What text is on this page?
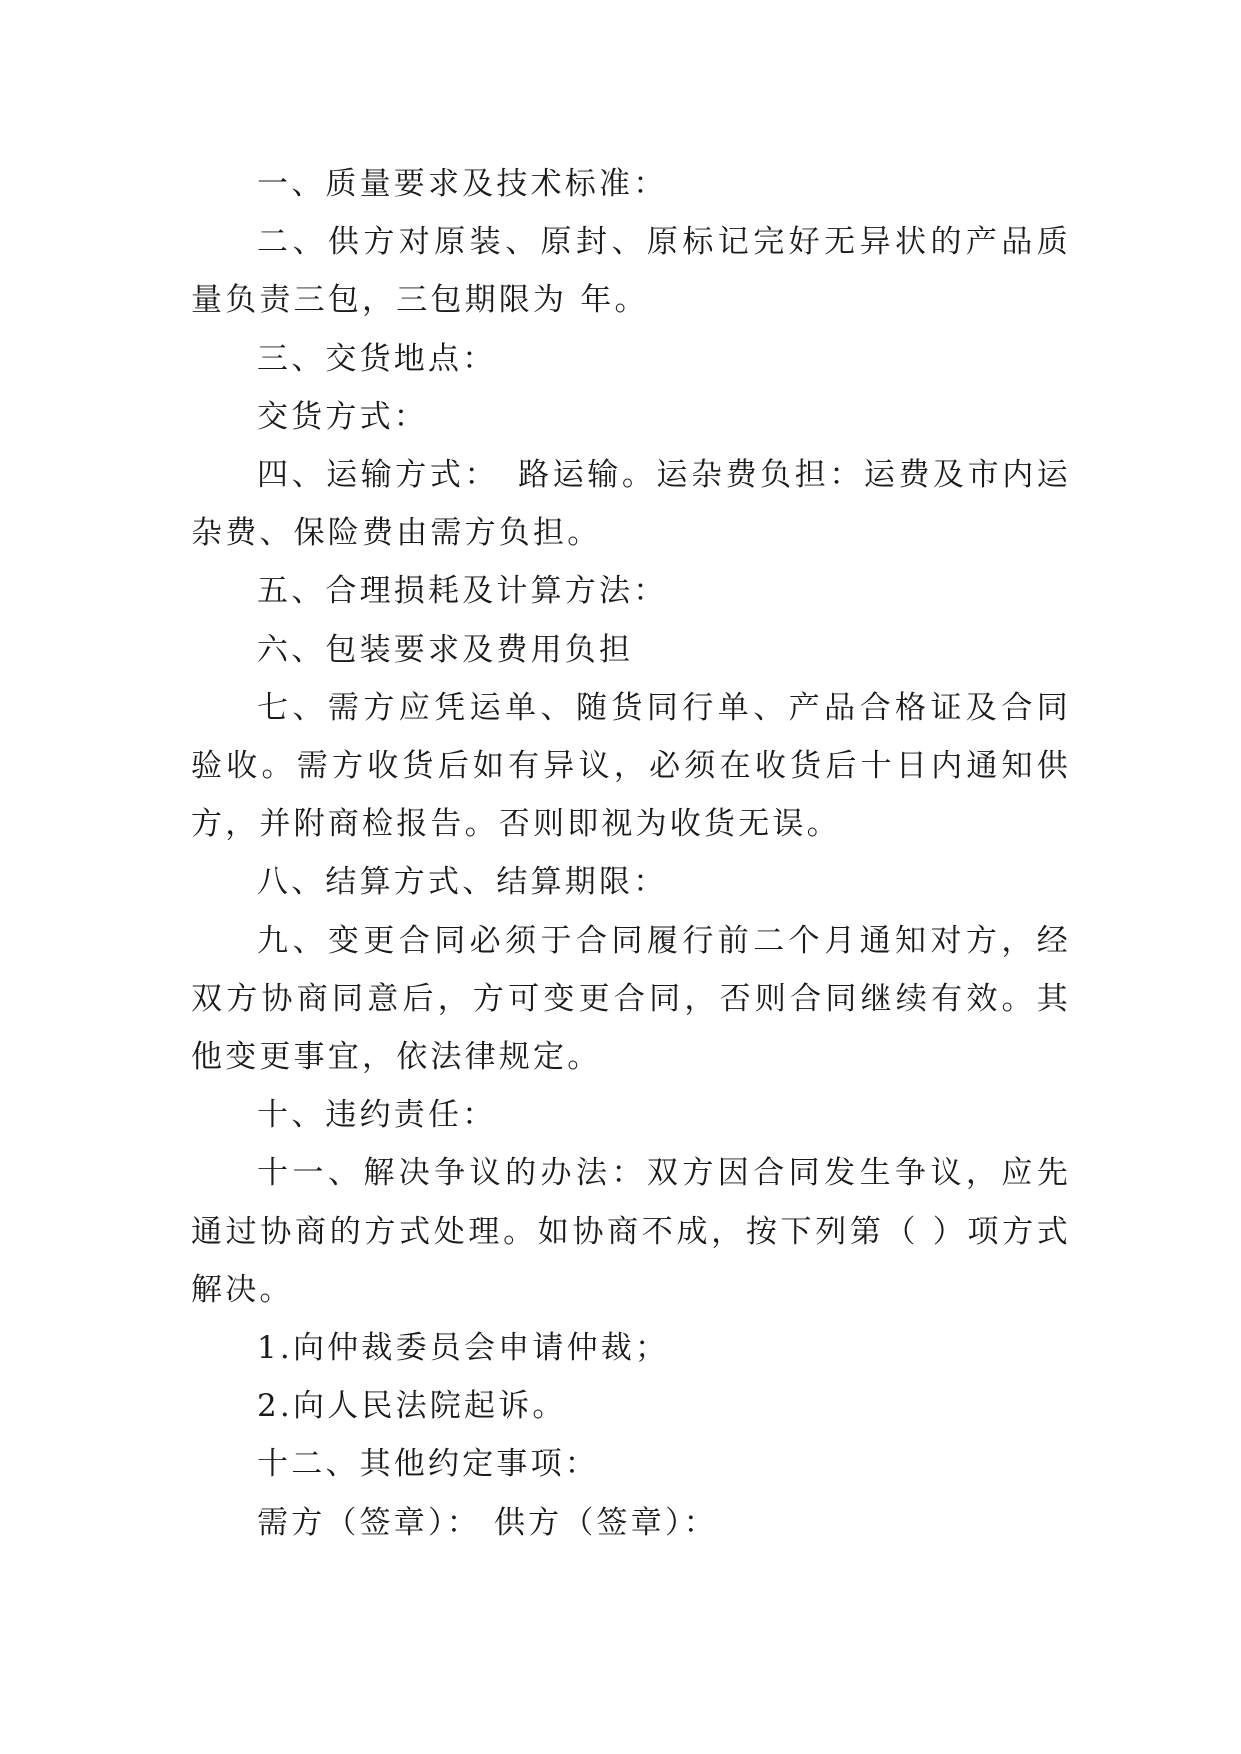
一、质量要求及技术标准：

二、供方对原装、原封、原标记完好无异状的产品质量负责三包，三包期限为 年。

三、交货地点：

交货方式：

四、运输方式：　路运输。运杂费负担：运费及市内运杂费、保险费由需方负担。

五、合理损耗及计算方法：

六、包装要求及费用负担

七、需方应凭运单、随货同行单、产品合格证及合同验收。需方收货后如有异议，必须在收货后十日内通知供方，并附商检报告。否则即视为收货无误。

八、结算方式、结算期限：

九、变更合同必须于合同履行前二个月通知对方，经双方协商同意后，方可变更合同，否则合同继续有效。其他变更事宜，依法律规定。

十、违约责任：

十一、解决争议的办法：双方因合同发生争议，应先通过协商的方式处理。如协商不成，按下列第（ ）项方式解决。

1.向仲裁委员会申请仲裁；

2.向人民法院起诉。

十二、其他约定事项：

需方（签章）： 供方（签章）：
